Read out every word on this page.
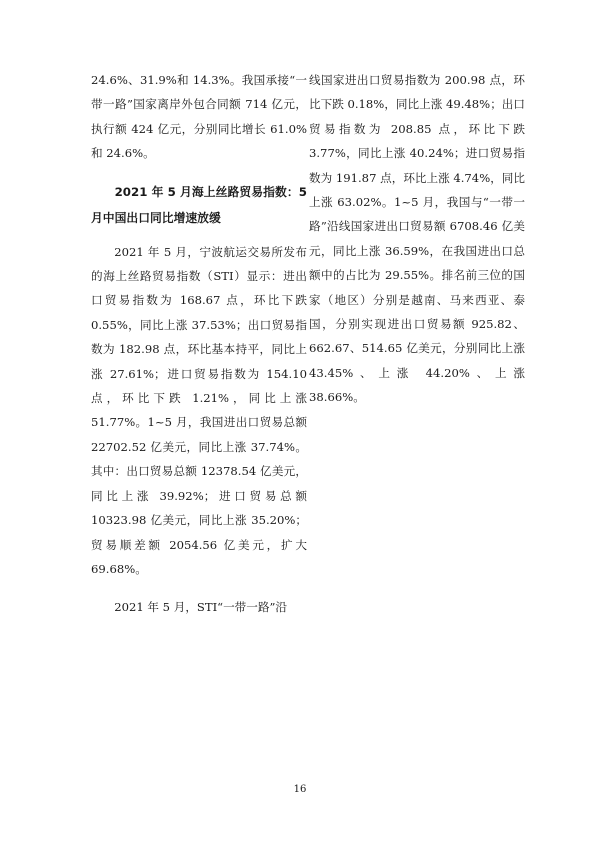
24.6%、31.9%和 14.3%。我国承接“一带一路”国家离岸外包合同额 714 亿元，执行额 424 亿元，分别同比增长 61.0%和 24.6%。

2021 年 5 月海上丝路贸易指数：5 月中国出口同比增速放缓

2021 年 5 月，宁波航运交易所发布的海上丝路贸易指数（STI）显示：进出口贸易指数为 168.67 点，环比下跌 0.55%，同比上涨 37.53%；出口贸易指数为 182.98 点，环比基本持平，同比上涨 27.61%；进口贸易指数为 154.10 点，环比下跌 1.21%，同比上涨 51.77%。1~5 月，我国进出口贸易总额 22702.52 亿美元，同比上涨 37.74%。其中：出口贸易总额 12378.54 亿美元，同比上涨 39.92%；进口贸易总额 10323.98 亿美元，同比上涨 35.20%；贸易顺差额 2054.56 亿美元，扩大 69.68%。

2021 年 5 月，STI“一带一路”沿

线国家进出口贸易指数为 200.98 点，环比下跌 0.18%，同比上涨 49.48%；出口贸易指数为 208.85 点，环比下跌 3.77%，同比上涨 40.24%；进口贸易指数为 191.87 点，环比上涨 4.74%，同比上涨 63.02%。1~5 月，我国与“一带一路”沿线国家进出口贸易额 6708.46 亿美元，同比上涨 36.59%，在我国进出口总额中的占比为 29.55%。排名前三位的国家（地区）分别是越南、马来西亚、泰国，分别实现进出口贸易额 925.82、662.67、514.65 亿美元，分别同比上涨 43.45%、上涨 44.20%、上涨 38.66%。

16
